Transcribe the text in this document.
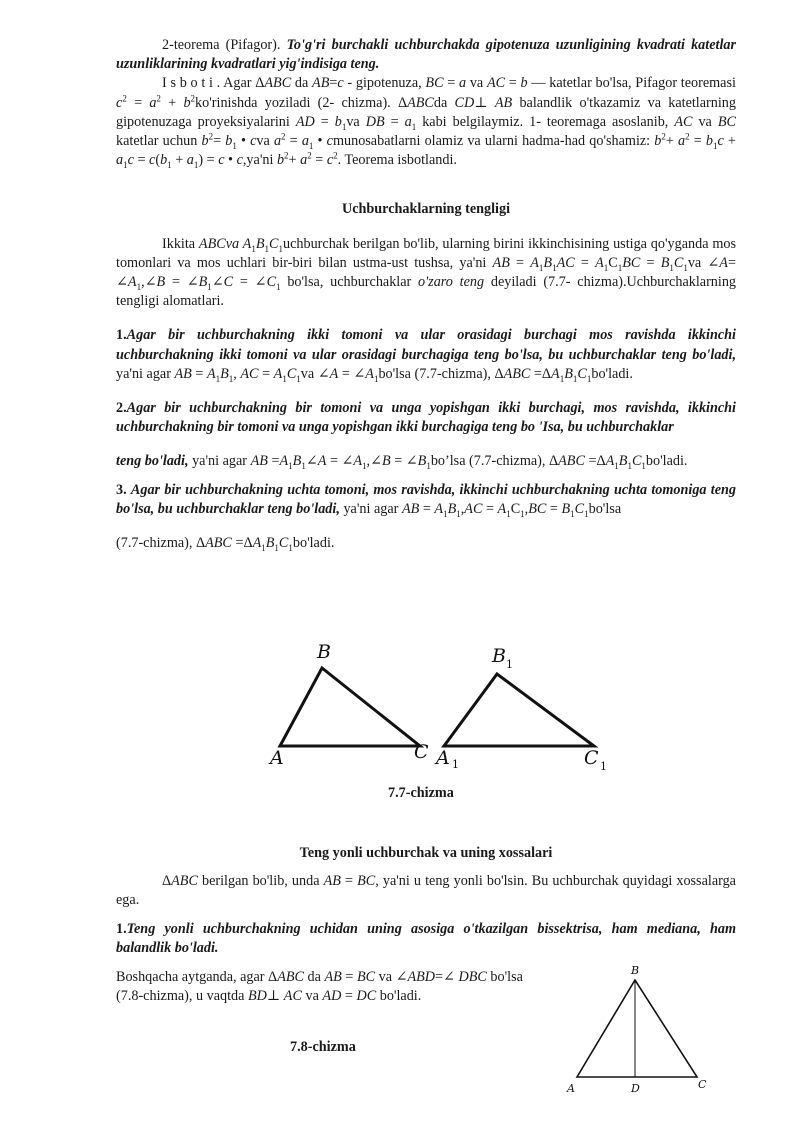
2-teorema (Pifagor). To'g'ri burchakli uchburchakda gipotenuza uzunligining kvadrati katetlar uzunliklarining kvadratlari yig'indisiga teng.

I s b o t i . Agar ΔABC da AB=c - gipotenuza, BC = a va AC = b — katetlar bo'lsa, Pifagor teoremasi $c^2 = a^2$ + $b^2ko'rinishda$ yoziladi (2- chizma). ΔABCda CD⊥ AB balandlik o'tkazamiz va katetlarning gipotenuzaga proyeksiyalarini AD = $b_1va$ DB = $a_1$ kabi belgilaymiz. 1- teoremaga asoslanib, AC va BC katetlar uchun $b^2= b_1$ • cva $a^2 = a_1$ • cmunosabatlarni olamiz va ularni hadma-had qo'shamiz: $b^2+ a^2 = b_1c + a_1c = c(b_1 + a_1) = c$ • c,ya'ni $b^2+ a^2 = c^2$. Teorema isbotlandi.

Uchburchaklarning tengligi

Ikkita ABCva $A_1B_1C_1uchburchak$ berilgan bo'lib, ularning birini ikkinchisining ustiga qo'yganda mos tomonlari va mos uchlari bir-biri bilan ustma-ust tushsa, ya'ni AB = $A_1B_1AC = A_1C_1BC = B_1C_1va$ ∠A= $\angle A_1,\angle B$ = $\angle B_1\angle C$ = $\angle C_1$ bo'lsa, uchburchaklar o'zaro teng deyiladi (7.7- chizma).Uchburchaklarning tengligi alomatlari.

1.Agar bir uchburchakning ikki tomoni va ular orasidagi burchagi mos ravishda ikkinchi uchburchakning ikki tomoni va ular orasidagi burchagiga teng bo'lsa, bu uchburchaklar teng bo'ladi, ya'ni agar AB = $A_1B_1$, AC = $A_1C_1va$ ∠A = $\angle A_1bo'lsa$ (7.7-chizma), $\Delta ABC =\Delta A_1B_1C_1bo'ladi$.

2.Agar bir uchburchakning bir tomoni va unga yopishgan ikki burchagi, mos ravishda, ikkinchi uchburchakning bir tomoni va unga yopishgan ikki burchagiga teng bo 'Isa, bu uchburchaklar

teng bo'ladi, ya'ni agar AB $=A_1B_1\angle A$ = $\angle A_1,\angle B$ = $\angle B_1bo’lsa$ (7.7-chizma), $\Delta ABC =\Delta A_1B_1C_1bo'ladi$.

3. Agar bir uchburchakning uchta tomoni, mos ravishda, ikkinchi uchburchakning uchta tomoniga teng bo'lsa, bu uchburchaklar teng bo'ladi, ya'ni agar AB = $A_1B_1,AC = A_1C_1,BC = B_1C_1bo'lsa$

(7.7-chizma), $\Delta ABC =\Delta A_1B_1C_1bo'ladi$.

B	B 1
A	C A 1	C 1

7.7-chizma

Teng yonli uchburchak va uning xossalari

ΔABC berilgan bo'lib, unda AB = BC, ya'ni u teng yonli bo'lsin. Bu uchburchak quyidagi xossalarga ega.

1.Teng yonli uchburchakning uchidan uning asosiga o'tkazilgan bissektrisa, ham mediana, ham balandlik bo'ladi.

Boshqacha aytganda, agar ΔABC da AB = BC va ∠ABD=∠ DBC bo'lsa (7.8-chizma), u vaqtda BD⊥ AC va AD = DC bo'ladi.

7.8-chizma

B
A	D	C
